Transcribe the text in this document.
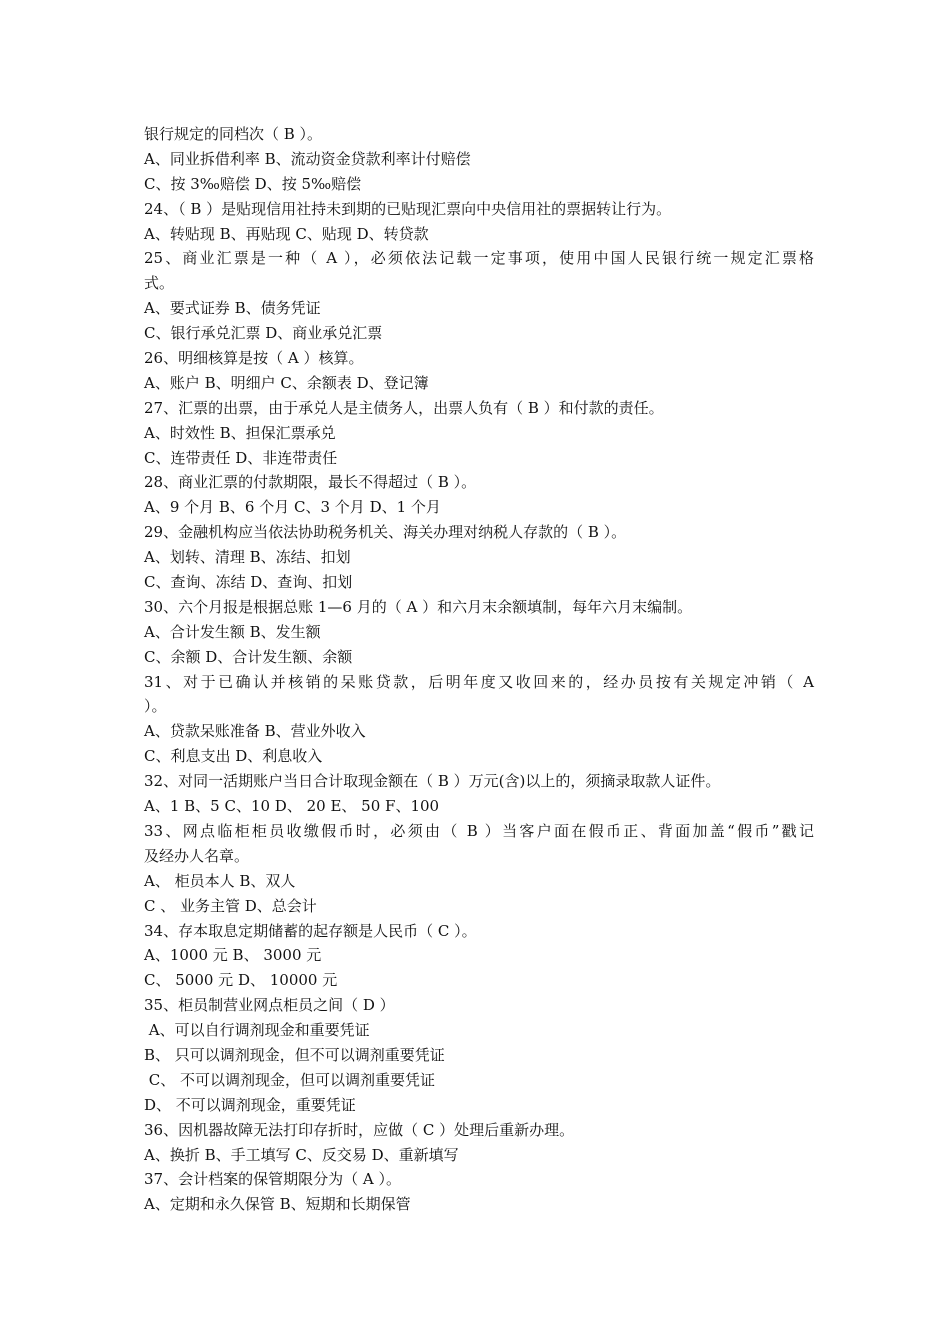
银行规定的同档次（ B ）。
A、同业拆借利率 B、流动资金贷款利率计付赔偿
C、按 3‰赔偿 D、按 5‰赔偿
24、（ B ）是贴现信用社持未到期的已贴现汇票向中央信用社的票据转让行为。
A、转贴现 B、再贴现 C、贴现 D、转贷款
25、商业汇票是一种（ A ），必须依法记载一定事项，使用中国人民银行统一规定汇票格
式。
A、要式证券 B、债务凭证
C、银行承兑汇票 D、商业承兑汇票
26、明细核算是按（ A ）核算。
A、账户 B、明细户 C、余额表 D、登记簿
27、汇票的出票，由于承兑人是主债务人，出票人负有（ B ）和付款的责任。
A、时效性 B、担保汇票承兑
C、连带责任 D、非连带责任
28、商业汇票的付款期限，最长不得超过（ B ）。
A、9 个月 B、6 个月 C、3 个月 D、1 个月
29、金融机构应当依法协助税务机关、海关办理对纳税人存款的（ B ）。
A、划转、清理 B、冻结、扣划
C、查询、冻结 D、查询、扣划
30、六个月报是根据总账 1—6 月的（ A ）和六月末余额填制，每年六月末编制。
A、合计发生额 B、发生额
C、余额 D、合计发生额、余额
31、对于已确认并核销的呆账贷款，后明年度又收回来的，经办员按有关规定冲销（ A
）。
A、贷款呆账准备 B、营业外收入
C、利息支出 D、利息收入
32、对同一活期账户当日合计取现金额在（ B ）万元(含)以上的，须摘录取款人证件。
A、1 B、5 C、10 D、 20 E、 50 F、100
33、网点临柜柜员收缴假币时，必须由（ B ）当客户面在假币正、背面加盖“假币”戳记
及经办人名章。
A、 柜员本人 B、双人
C 、 业务主管 D、总会计
34、存本取息定期储蓄的起存额是人民币（ C ）。
A、1000 元 B、 3000 元
C、 5000 元 D、 10000 元
35、柜员制营业网点柜员之间（ D ）
A、可以自行调剂现金和重要凭证
B、 只可以调剂现金，但不可以调剂重要凭证
C、 不可以调剂现金，但可以调剂重要凭证
D、 不可以调剂现金，重要凭证
36、因机器故障无法打印存折时，应做（ C ）处理后重新办理。
A、换折 B、手工填写 C、反交易 D、重新填写
37、会计档案的保管期限分为（ A ）。
A、定期和永久保管 B、短期和长期保管
